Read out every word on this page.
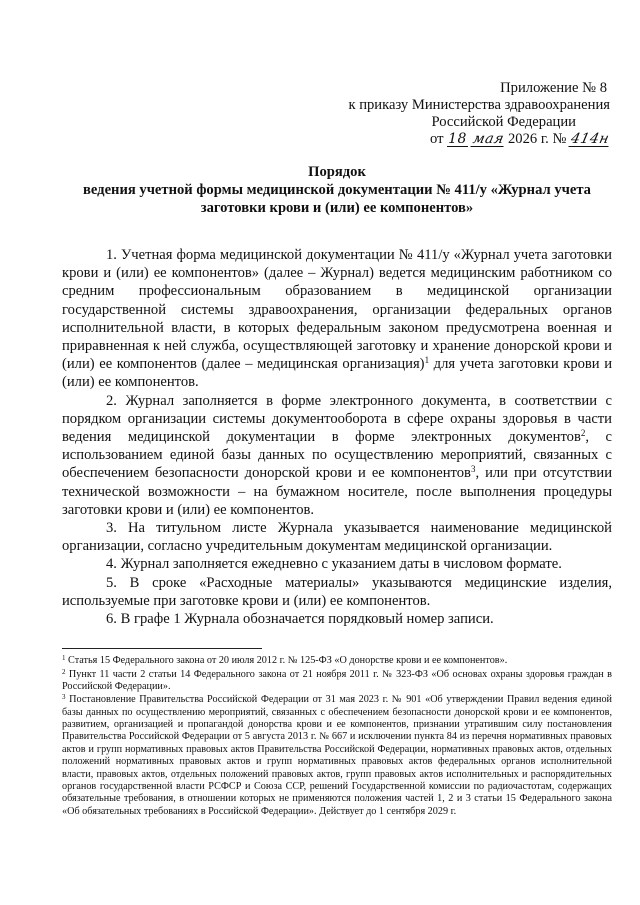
Приложение № 8
к приказу Министерства здравоохранения
Российской Федерации
от 18 мая 2026 г. № 414н
Порядок
ведения учетной формы медицинской документации № 411/у «Журнал учета
заготовки крови и (или) ее компонентов»

1. Учетная форма медицинской документации № 411/у «Журнал учета заготовки крови и (или) ее компонентов» (далее – Журнал) ведется медицинским работником со средним профессиональным образованием в медицинской организации государственной системы здравоохранения, организации федеральных органов исполнительной власти, в которых федеральным законом предусмотрена военная и приравненная к ней служба, осуществляющей заготовку и хранение донорской крови и (или) ее компонентов (далее – медицинская организация)$^1$ для учета заготовки крови и (или) ее компонентов.

2. Журнал заполняется в форме электронного документа, в соответствии с порядком организации системы документооборота в сфере охраны здоровья в части ведения медицинской документации в форме электронных документов$^2$, с использованием единой базы данных по осуществлению мероприятий, связанных с обеспечением безопасности донорской крови и ее компонентов$^3$, или при отсутствии технической возможности – на бумажном носителе, после выполнения процедуры заготовки крови и (или) ее компонентов.

3. На титульном листе Журнала указывается наименование медицинской организации, согласно учредительным документам медицинской организации.

4. Журнал заполняется ежедневно с указанием даты в числовом формате.

5. В сроке «Расходные материалы» указываются медицинские изделия, используемые при заготовке крови и (или) ее компонентов.

6. В графе 1 Журнала обозначается порядковый номер записи.

$^1$ Статья 15 Федерального закона от 20 июля 2012 г. № 125-ФЗ «О донорстве крови и ее компонентов».

$^2$ Пункт 11 части 2 статьи 14 Федерального закона от 21 ноября 2011 г. № 323-ФЗ «Об основах охраны здоровья граждан в Российской Федерации».

$^3$ Постановление Правительства Российской Федерации от 31 мая 2023 г. № 901 «Об утверждении Правил ведения единой базы данных по осуществлению мероприятий, связанных с обеспечением безопасности донорской крови и ее компонентов, развитием, организацией и пропагандой донорства крови и ее компонентов, признании утратившим силу постановления Правительства Российской Федерации от 5 августа 2013 г. № 667 и исключении пункта 84 из перечня нормативных правовых актов и групп нормативных правовых актов Правительства Российской Федерации, нормативных правовых актов, отдельных положений нормативных правовых актов и групп нормативных правовых актов федеральных органов исполнительной власти, правовых актов, отдельных положений правовых актов, групп правовых актов исполнительных и распорядительных органов государственной власти РСФСР и Союза ССР, решений Государственной комиссии по радиочастотам, содержащих обязательные требования, в отношении которых не применяются положения частей 1, 2 и 3 статьи 15 Федерального закона «Об обязательных требованиях в Российской Федерации». Действует до 1 сентября 2029 г.
